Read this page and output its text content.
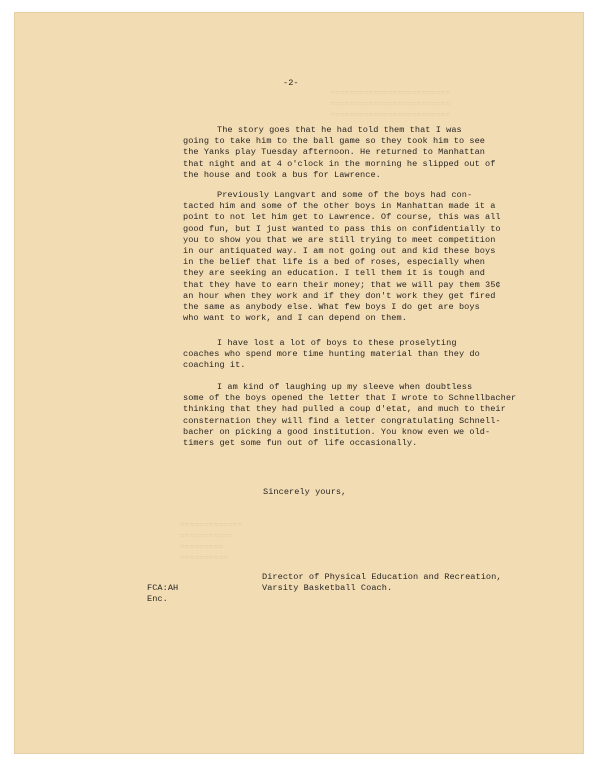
≈≈≈≈≈≈≈≈≈≈≈≈≈≈≈≈≈≈≈≈≈≈≈≈≈
≈≈≈≈≈≈≈≈≈≈≈≈≈≈≈≈≈≈≈≈≈≈≈≈≈
≈≈≈≈≈≈≈≈≈≈≈≈≈≈≈≈≈≈≈≈≈≈≈≈≈
≈≈≈≈≈≈≈≈≈≈≈≈≈
≈≈≈≈≈≈≈≈≈≈≈
≈≈≈≈≈≈≈≈≈
≈≈≈≈≈≈≈≈≈≈
-2-
The story goes that he had told them that I was
going to take him to the ball game so they took him to see
the Yanks play Tuesday afternoon. He returned to Manhattan
that night and at 4 o'clock in the morning he slipped out of
the house and took a bus for Lawrence.
Previously Langvart and some of the boys had con-
tacted him and some of the other boys in Manhattan made it a
point to not let him get to Lawrence. Of course, this was all
good fun, but I just wanted to pass this on confidentially to
you to show you that we are still trying to meet competition
in our antiquated way. I am not going out and kid these boys
in the belief that life is a bed of roses, especially when
they are seeking an education. I tell them it is tough and
that they have to earn their money; that we will pay them 35¢
an hour when they work and if they don't work they get fired
the same as anybody else. What few boys I do get are boys
who want to work, and I can depend on them.
I have lost a lot of boys to these proselyting
coaches who spend more time hunting material than they do
coaching it.
I am kind of laughing up my sleeve when doubtless
some of the boys opened the letter that I wrote to Schnellbacher
thinking that they had pulled a coup d'etat, and much to their
consternation they will find a letter congratulating Schnell-
bacher on picking a good institution. You know even we old-
timers get some fun out of life occasionally.
Sincerely yours,
Director of Physical Education and Recreation,
Varsity Basketball Coach.
FCA:AH
Enc.
